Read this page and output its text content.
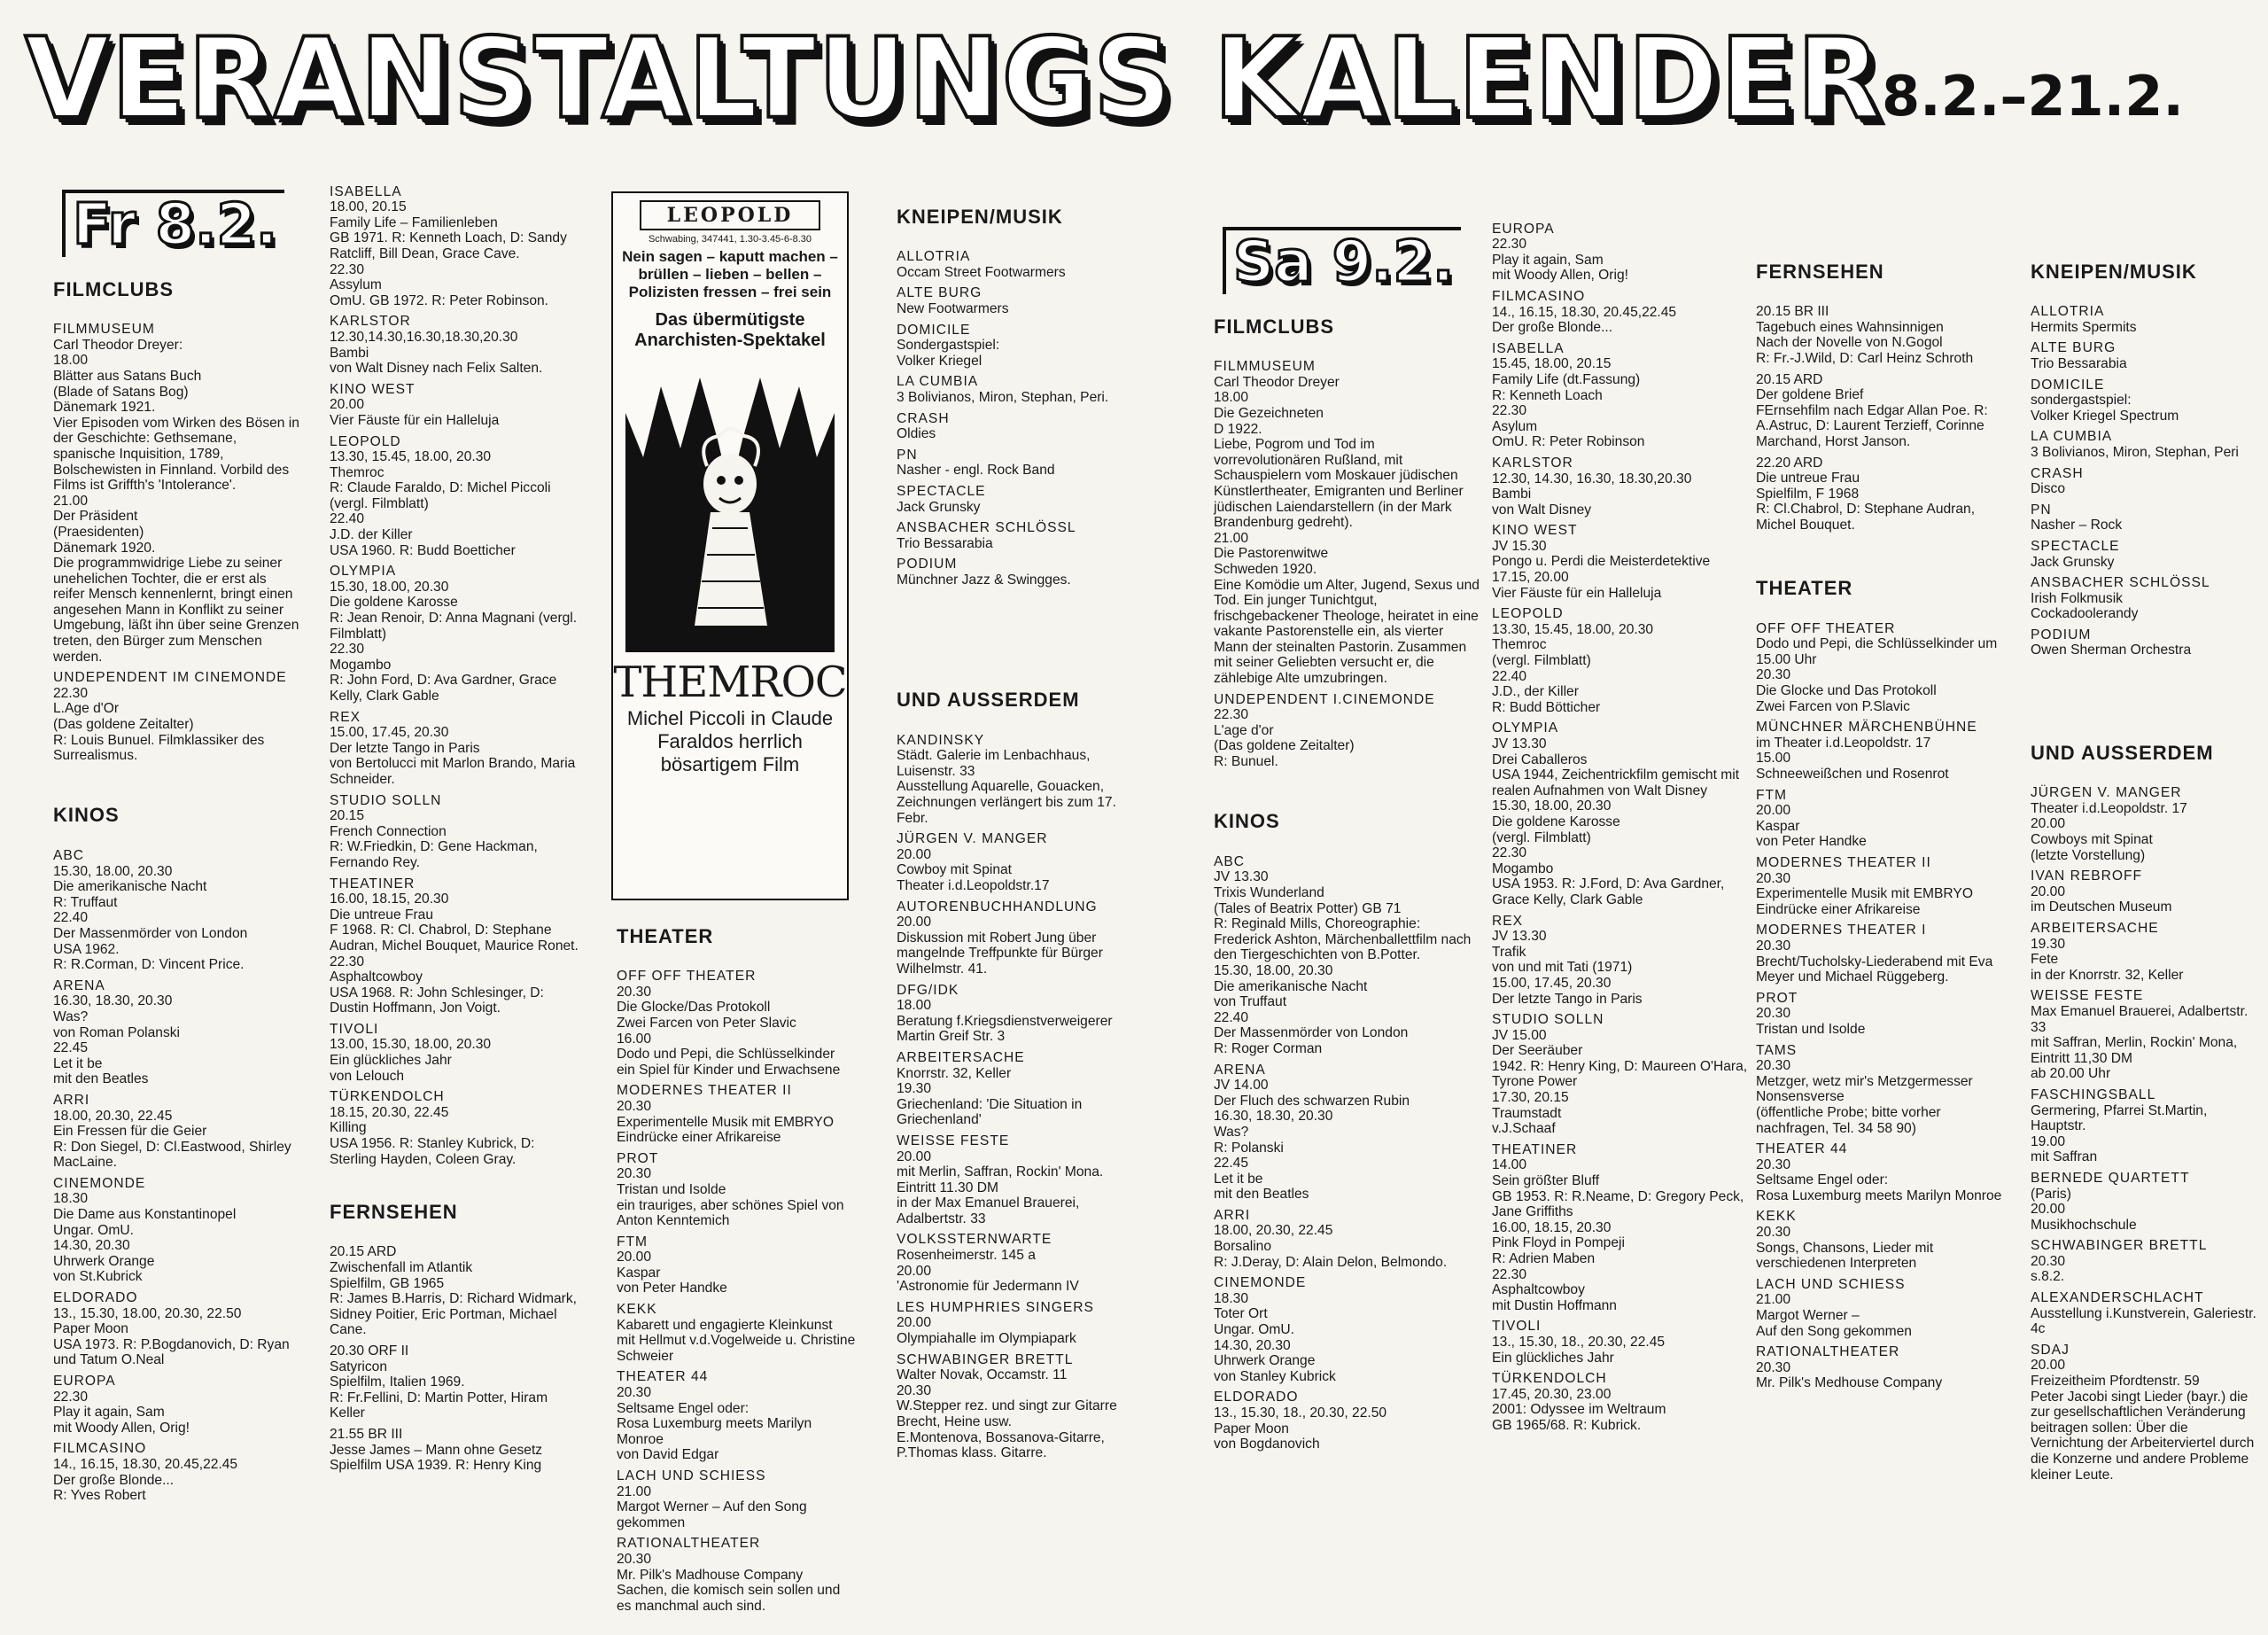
VERANSTALTUNGS KALENDER
8.2.–21.2.

Fr 8.2.

FILMCLUBS

FILMMUSEUM
Carl Theodor Dreyer:
18.00
Blätter aus Satans Buch
(Blade of Satans Bog)
Dänemark 1921.
Vier Episoden vom Wirken des Bösen in der Geschichte: Gethsemane, spanische Inquisition, 1789, Bolschewisten in Finnland. Vorbild des Films ist Griffth's 'Intolerance'.
21.00
Der Präsident
(Praesidenten)
Dänemark 1920.
Die programmwidrige Liebe zu seiner unehelichen Tochter, die er erst als reifer Mensch kennenlernt, bringt einen angesehen Mann in Konflikt zu seiner Umgebung, läßt ihn über seine Grenzen treten, den Bürger zum Menschen werden.
UNDEPENDENT IM CINEMONDE
22.30
L.Age d'Or
(Das goldene Zeitalter)
R: Louis Bunuel. Filmklassiker des Surrealismus.

KINOS

ABC
15.30, 18.00, 20.30
Die amerikanische Nacht
R: Truffaut
22.40
Der Massenmörder von London
USA 1962.
R: R.Corman, D: Vincent Price.
ARENA
16.30, 18.30, 20.30
Was?
von Roman Polanski
22.45
Let it be
mit den Beatles
ARRI
18.00, 20.30, 22.45
Ein Fressen für die Geier
R: Don Siegel, D: Cl.Eastwood, Shirley MacLaine.
CINEMONDE
18.30
Die Dame aus Konstantinopel
Ungar. OmU.
14.30, 20.30
Uhrwerk Orange
von St.Kubrick
ELDORADO
13., 15.30, 18.00, 20.30, 22.50
Paper Moon
USA 1973. R: P.Bogdanovich, D: Ryan und Tatum O.Neal
EUROPA
22.30
Play it again, Sam
mit Woody Allen, Orig!
FILMCASINO
14., 16.15, 18.30, 20.45,22.45
Der große Blonde...
R: Yves Robert

ISABELLA
18.00, 20.15
Family Life – Familienleben
GB 1971. R: Kenneth Loach, D: Sandy Ratcliff, Bill Dean, Grace Cave.
22.30
Assylum
OmU. GB 1972. R: Peter Robinson.
KARLSTOR
12.30,14.30,16.30,18.30,20.30
Bambi
von Walt Disney nach Felix Salten.
KINO WEST
20.00
Vier Fäuste für ein Halleluja
LEOPOLD
13.30, 15.45, 18.00, 20.30
Themroc
R: Claude Faraldo, D: Michel Piccoli (vergl. Filmblatt)
22.40
J.D. der Killer
USA 1960. R: Budd Boetticher
OLYMPIA
15.30, 18.00, 20.30
Die goldene Karosse
R: Jean Renoir, D: Anna Magnani (vergl. Filmblatt)
22.30
Mogambo
R: John Ford, D: Ava Gardner, Grace Kelly, Clark Gable
REX
15.00, 17.45, 20.30
Der letzte Tango in Paris
von Bertolucci mit Marlon Brando, Maria Schneider.
STUDIO SOLLN
20.15
French Connection
R: W.Friedkin, D: Gene Hackman, Fernando Rey.
THEATINER
16.00, 18.15, 20.30
Die untreue Frau
F 1968. R: Cl. Chabrol, D: Stephane Audran, Michel Bouquet, Maurice Ronet.
22.30
Asphaltcowboy
USA 1968. R: John Schlesinger, D: Dustin Hoffmann, Jon Voigt.
TIVOLI
13.00, 15.30, 18.00, 20.30
Ein glückliches Jahr
von Lelouch
TÜRKENDOLCH
18.15, 20.30, 22.45
Killing
USA 1956. R: Stanley Kubrick, D: Sterling Hayden, Coleen Gray.

FERNSEHEN

20.15 ARD
Zwischenfall im Atlantik
Spielfilm, GB 1965
R: James B.Harris, D: Richard Widmark, Sidney Poitier, Eric Portman, Michael Cane.
20.30 ORF II
Satyricon
Spielfilm, Italien 1969.
R: Fr.Fellini, D: Martin Potter, Hiram Keller
21.55 BR III
Jesse James – Mann ohne Gesetz
Spielfilm USA 1939. R: Henry King

LEOPOLD
Schwabing, 347441, 1.30-3.45-6-8.30
Nein sagen – kaputt machen – brüllen – lieben – bellen – Polizisten fressen – frei sein
Das übermütigste Anarchisten-Spektakel
THEMROC
Michel Piccoli in Claude Faraldos herrlich bösartigem Film

THEATER

OFF OFF THEATER
20.30
Die Glocke/Das Protokoll
Zwei Farcen von Peter Slavic
16.00
Dodo und Pepi, die Schlüsselkinder
ein Spiel für Kinder und Erwachsene
MODERNES THEATER II
20.30
Experimentelle Musik mit EMBRYO
Eindrücke einer Afrikareise
PROT
20.30
Tristan und Isolde
ein trauriges, aber schönes Spiel von Anton Kenntemich
FTM
20.00
Kaspar
von Peter Handke
KEKK
Kabarett und engagierte Kleinkunst
mit Hellmut v.d.Vogelweide u. Christine Schweier
THEATER 44
20.30
Seltsame Engel oder:
Rosa Luxemburg meets Marilyn Monroe
von David Edgar
LACH UND SCHIESS
21.00
Margot Werner – Auf den Song gekommen
RATIONALTHEATER
20.30
Mr. Pilk's Madhouse Company
Sachen, die komisch sein sollen und es manchmal auch sind.

KNEIPEN/MUSIK

ALLOTRIA
Occam Street Footwarmers
ALTE BURG
New Footwarmers
DOMICILE
Sondergastspiel:
Volker Kriegel
LA CUMBIA
3 Bolivianos, Miron, Stephan, Peri.
CRASH
Oldies
PN
Nasher - engl. Rock Band
SPECTACLE
Jack Grunsky
ANSBACHER SCHLÖSSL
Trio Bessarabia
PODIUM
Münchner Jazz & Swingges.

UND AUSSERDEM

KANDINSKY
Städt. Galerie im Lenbachhaus, Luisenstr. 33
Ausstellung Aquarelle, Gouacken, Zeichnungen verlängert bis zum 17. Febr.
JÜRGEN V. MANGER
20.00
Cowboy mit Spinat
Theater i.d.Leopoldstr.17
AUTORENBUCHHANDLUNG
20.00
Diskussion mit Robert Jung über mangelnde Treffpunkte für Bürger
Wilhelmstr. 41.
DFG/IDK
18.00
Beratung f.Kriegsdienstverweigerer
Martin Greif Str. 3
ARBEITERSACHE
Knorrstr. 32, Keller
19.30
Griechenland: 'Die Situation in Griechenland'
WEISSE FESTE
20.00
mit Merlin, Saffran, Rockin' Mona. Eintritt 11.30 DM
in der Max Emanuel Brauerei, Adalbertstr. 33
VOLKSSTERNWARTE
Rosenheimerstr. 145 a
20.00
'Astronomie für Jedermann IV
LES HUMPHRIES SINGERS
20.00
Olympiahalle im Olympiapark
SCHWABINGER BRETTL
Walter Novak, Occamstr. 11
20.30
W.Stepper rez. und singt zur Gitarre Brecht, Heine usw.
E.Montenova, Bossanova-Gitarre, P.Thomas klass. Gitarre.

Sa 9.2.

FILMCLUBS

FILMMUSEUM
Carl Theodor Dreyer
18.00
Die Gezeichneten
D 1922.
Liebe, Pogrom und Tod im vorrevolutionären Rußland, mit Schauspielern vom Moskauer jüdischen Künstlertheater, Emigranten und Berliner jüdischen Laiendarstellern (in der Mark Brandenburg gedreht).
21.00
Die Pastorenwitwe
Schweden 1920.
Eine Komödie um Alter, Jugend, Sexus und Tod. Ein junger Tunichtgut, frischgebackener Theologe, heiratet in eine vakante Pastorenstelle ein, als vierter Mann der steinalten Pastorin. Zusammen mit seiner Geliebten versucht er, die zählebige Alte umzubringen.
UNDEPENDENT I.CINEMONDE
22.30
L'age d'or
(Das goldene Zeitalter)
R: Bunuel.

KINOS

ABC
JV 13.30
Trixis Wunderland
(Tales of Beatrix Potter) GB 71
R: Reginald Mills, Choreographie: Frederick Ashton, Märchenballettfilm nach den Tiergeschichten von B.Potter.
15.30, 18.00, 20.30
Die amerikanische Nacht
von Truffaut
22.40
Der Massenmörder von London
R: Roger Corman
ARENA
JV 14.00
Der Fluch des schwarzen Rubin
16.30, 18.30, 20.30
Was?
R: Polanski
22.45
Let it be
mit den Beatles
ARRI
18.00, 20.30, 22.45
Borsalino
R: J.Deray, D: Alain Delon, Belmondo.
CINEMONDE
18.30
Toter Ort
Ungar. OmU.
14.30, 20.30
Uhrwerk Orange
von Stanley Kubrick
ELDORADO
13., 15.30, 18., 20.30, 22.50
Paper Moon
von Bogdanovich

EUROPA
22.30
Play it again, Sam
mit Woody Allen, Orig!
FILMCASINO
14., 16.15, 18.30, 20.45,22.45
Der große Blonde...
ISABELLA
15.45, 18.00, 20.15
Family Life (dt.Fassung)
R: Kenneth Loach
22.30
Asylum
OmU. R: Peter Robinson
KARLSTOR
12.30, 14.30, 16.30, 18.30,20.30
Bambi
von Walt Disney
KINO WEST
JV 15.30
Pongo u. Perdi die Meisterdetektive
17.15, 20.00
Vier Fäuste für ein Halleluja
LEOPOLD
13.30, 15.45, 18.00, 20.30
Themroc
(vergl. Filmblatt)
22.40
J.D., der Killer
R: Budd Bötticher
OLYMPIA
JV 13.30
Drei Caballeros
USA 1944, Zeichentrickfilm gemischt mit realen Aufnahmen von Walt Disney
15.30, 18.00, 20.30
Die goldene Karosse
(vergl. Filmblatt)
22.30
Mogambo
USA 1953. R: J.Ford, D: Ava Gardner, Grace Kelly, Clark Gable
REX
JV 13.30
Trafik
von und mit Tati (1971)
15.00, 17.45, 20.30
Der letzte Tango in Paris
STUDIO SOLLN
JV 15.00
Der Seeräuber
1942. R: Henry King, D: Maureen O'Hara, Tyrone Power
17.30, 20.15
Traumstadt
v.J.Schaaf
THEATINER
14.00
Sein größter Bluff
GB 1953. R: R.Neame, D: Gregory Peck, Jane Griffiths
16.00, 18.15, 20.30
Pink Floyd in Pompeji
R: Adrien Maben
22.30
Asphaltcowboy
mit Dustin Hoffmann
TIVOLI
13., 15.30, 18., 20.30, 22.45
Ein glückliches Jahr
TÜRKENDOLCH
17.45, 20.30, 23.00
2001: Odyssee im Weltraum
GB 1965/68. R: Kubrick.

FERNSEHEN

20.15 BR III
Tagebuch eines Wahnsinnigen
Nach der Novelle von N.Gogol
R: Fr.-J.Wild, D: Carl Heinz Schroth
20.15 ARD
Der goldene Brief
FErnsehfilm nach Edgar Allan Poe. R: A.Astruc, D: Laurent Terzieff, Corinne Marchand, Horst Janson.
22.20 ARD
Die untreue Frau
Spielfilm, F 1968
R: Cl.Chabrol, D: Stephane Audran, Michel Bouquet.

THEATER

OFF OFF THEATER
Dodo und Pepi, die Schlüsselkinder um 15.00 Uhr
20.30
Die Glocke und Das Protokoll
Zwei Farcen von P.Slavic
MÜNCHNER MÄRCHENBÜHNE
im Theater i.d.Leopoldstr. 17
15.00
Schneeweißchen und Rosenrot
FTM
20.00
Kaspar
von Peter Handke
MODERNES THEATER II
20.30
Experimentelle Musik mit EMBRYO
Eindrücke einer Afrikareise
MODERNES THEATER I
20.30
Brecht/Tucholsky-Liederabend mit Eva Meyer und Michael Rüggeberg.
PROT
20.30
Tristan und Isolde
TAMS
20.30
Metzger, wetz mir's Metzgermesser
Nonsensverse
(öffentliche Probe; bitte vorher nachfragen, Tel. 34 58 90)
THEATER 44
20.30
Seltsame Engel oder:
Rosa Luxemburg meets Marilyn Monroe
KEKK
20.30
Songs, Chansons, Lieder mit verschiedenen Interpreten
LACH UND SCHIESS
21.00
Margot Werner –
Auf den Song gekommen
RATIONALTHEATER
20.30
Mr. Pilk's Medhouse Company

KNEIPEN/MUSIK

ALLOTRIA
Hermits Spermits
ALTE BURG
Trio Bessarabia
DOMICILE
sondergastspiel:
Volker Kriegel Spectrum
LA CUMBIA
3 Bolivianos, Miron, Stephan, Peri
CRASH
Disco
PN
Nasher – Rock
SPECTACLE
Jack Grunsky
ANSBACHER SCHLÖSSL
Irish Folkmusik
Cockadoolerandy
PODIUM
Owen Sherman Orchestra

UND AUSSERDEM

JÜRGEN V. MANGER
Theater i.d.Leopoldstr. 17
20.00
Cowboys mit Spinat
(letzte Vorstellung)
IVAN REBROFF
20.00
im Deutschen Museum
ARBEITERSACHE
19.30
Fete
in der Knorrstr. 32, Keller
WEISSE FESTE
Max Emanuel Brauerei, Adalbertstr. 33
mit Saffran, Merlin, Rockin' Mona, Eintritt 11,30 DM
ab 20.00 Uhr
FASCHINGSBALL
Germering, Pfarrei St.Martin, Hauptstr.
19.00
mit Saffran
BERNEDE QUARTETT
(Paris)
20.00
Musikhochschule
SCHWABINGER BRETTL
20.30
s.8.2.
ALEXANDERSCHLACHT
Ausstellung i.Kunstverein, Galeriestr. 4c
SDAJ
20.00
Freizeitheim Pfordtenstr. 59
Peter Jacobi singt Lieder (bayr.) die zur gesellschaftlichen Veränderung beitragen sollen: Über die Vernichtung der Arbeiterviertel durch die Konzerne und andere Probleme kleiner Leute.
